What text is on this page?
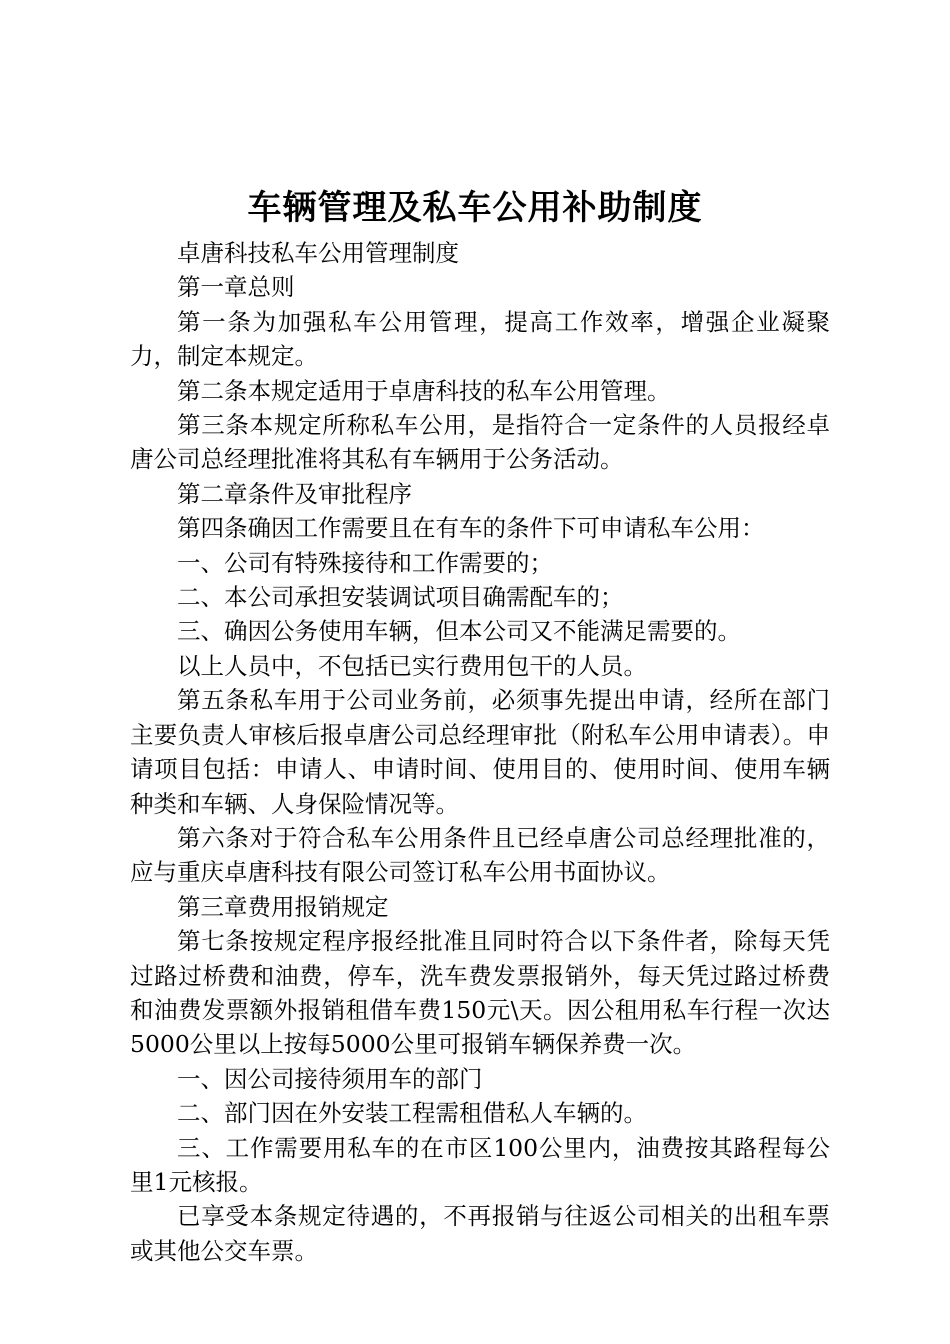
车辆管理及私车公用补助制度

卓唐科技私车公用管理制度

第一章总则

第一条为加强私车公用管理，提高工作效率，增强企业凝聚力，制定本规定。

第二条本规定适用于卓唐科技的私车公用管理。

第三条本规定所称私车公用，是指符合一定条件的人员报经卓唐公司总经理批准将其私有车辆用于公务活动。

第二章条件及审批程序

第四条确因工作需要且在有车的条件下可申请私车公用：

一、公司有特殊接待和工作需要的；

二、本公司承担安装调试项目确需配车的；

三、确因公务使用车辆，但本公司又不能满足需要的。

以上人员中，不包括已实行费用包干的人员。

第五条私车用于公司业务前，必须事先提出申请，经所在部门主要负责人审核后报卓唐公司总经理审批（附私车公用申请表）。申请项目包括：申请人、申请时间、使用目的、使用时间、使用车辆种类和车辆、人身保险情况等。

第六条对于符合私车公用条件且已经卓唐公司总经理批准的，应与重庆卓唐科技有限公司签订私车公用书面协议。

第三章费用报销规定

第七条按规定程序报经批准且同时符合以下条件者，除每天凭过路过桥费和油费，停车，洗车费发票报销外，每天凭过路过桥费和油费发票额外报销租借车费150元\天。因公租用私车行程一次达5000公里以上按每5000公里可报销车辆保养费一次。

一、因公司接待须用车的部门

二、部门因在外安装工程需租借私人车辆的。

三、工作需要用私车的在市区100公里内，油费按其路程每公里1元核报。

已享受本条规定待遇的，不再报销与往返公司相关的出租车票或其他公交车票。
